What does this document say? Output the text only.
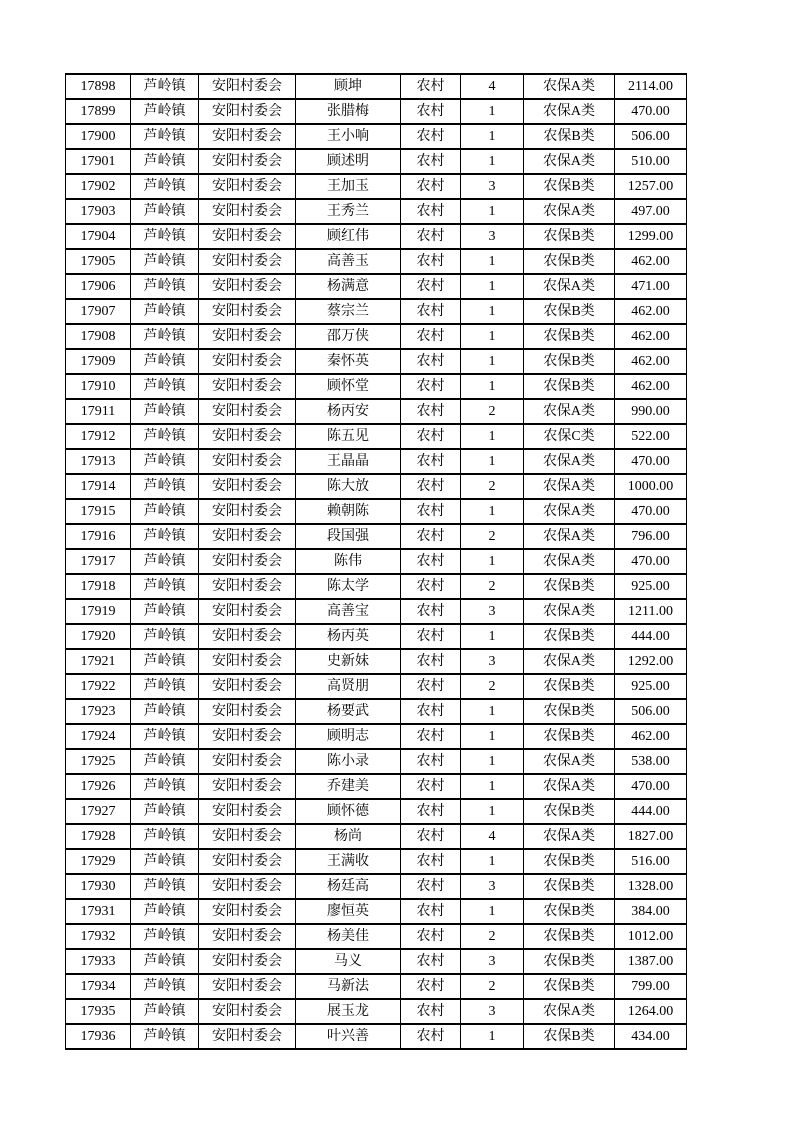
17898	芦岭镇	安阳村委会	顾坤	农村	4	农保A类	2114.00
17899	芦岭镇	安阳村委会	张腊梅	农村	1	农保A类	470.00
17900	芦岭镇	安阳村委会	王小响	农村	1	农保B类	506.00
17901	芦岭镇	安阳村委会	顾述明	农村	1	农保A类	510.00
17902	芦岭镇	安阳村委会	王加玉	农村	3	农保B类	1257.00
17903	芦岭镇	安阳村委会	王秀兰	农村	1	农保A类	497.00
17904	芦岭镇	安阳村委会	顾红伟	农村	3	农保B类	1299.00
17905	芦岭镇	安阳村委会	高善玉	农村	1	农保B类	462.00
17906	芦岭镇	安阳村委会	杨满意	农村	1	农保A类	471.00
17907	芦岭镇	安阳村委会	蔡宗兰	农村	1	农保B类	462.00
17908	芦岭镇	安阳村委会	邵万侠	农村	1	农保B类	462.00
17909	芦岭镇	安阳村委会	秦怀英	农村	1	农保B类	462.00
17910	芦岭镇	安阳村委会	顾怀堂	农村	1	农保B类	462.00
17911	芦岭镇	安阳村委会	杨丙安	农村	2	农保A类	990.00
17912	芦岭镇	安阳村委会	陈五见	农村	1	农保C类	522.00
17913	芦岭镇	安阳村委会	王晶晶	农村	1	农保A类	470.00
17914	芦岭镇	安阳村委会	陈大放	农村	2	农保A类	1000.00
17915	芦岭镇	安阳村委会	赖朝陈	农村	1	农保A类	470.00
17916	芦岭镇	安阳村委会	段国强	农村	2	农保A类	796.00
17917	芦岭镇	安阳村委会	陈伟	农村	1	农保A类	470.00
17918	芦岭镇	安阳村委会	陈太学	农村	2	农保B类	925.00
17919	芦岭镇	安阳村委会	高善宝	农村	3	农保A类	1211.00
17920	芦岭镇	安阳村委会	杨丙英	农村	1	农保B类	444.00
17921	芦岭镇	安阳村委会	史新妹	农村	3	农保A类	1292.00
17922	芦岭镇	安阳村委会	高贤朋	农村	2	农保B类	925.00
17923	芦岭镇	安阳村委会	杨要武	农村	1	农保B类	506.00
17924	芦岭镇	安阳村委会	顾明志	农村	1	农保B类	462.00
17925	芦岭镇	安阳村委会	陈小录	农村	1	农保A类	538.00
17926	芦岭镇	安阳村委会	乔建美	农村	1	农保A类	470.00
17927	芦岭镇	安阳村委会	顾怀德	农村	1	农保B类	444.00
17928	芦岭镇	安阳村委会	杨尚	农村	4	农保A类	1827.00
17929	芦岭镇	安阳村委会	王满收	农村	1	农保B类	516.00
17930	芦岭镇	安阳村委会	杨廷高	农村	3	农保B类	1328.00
17931	芦岭镇	安阳村委会	廖恒英	农村	1	农保B类	384.00
17932	芦岭镇	安阳村委会	杨美佳	农村	2	农保B类	1012.00
17933	芦岭镇	安阳村委会	马义	农村	3	农保B类	1387.00
17934	芦岭镇	安阳村委会	马新法	农村	2	农保B类	799.00
17935	芦岭镇	安阳村委会	展玉龙	农村	3	农保A类	1264.00
17936	芦岭镇	安阳村委会	叶兴善	农村	1	农保B类	434.00
